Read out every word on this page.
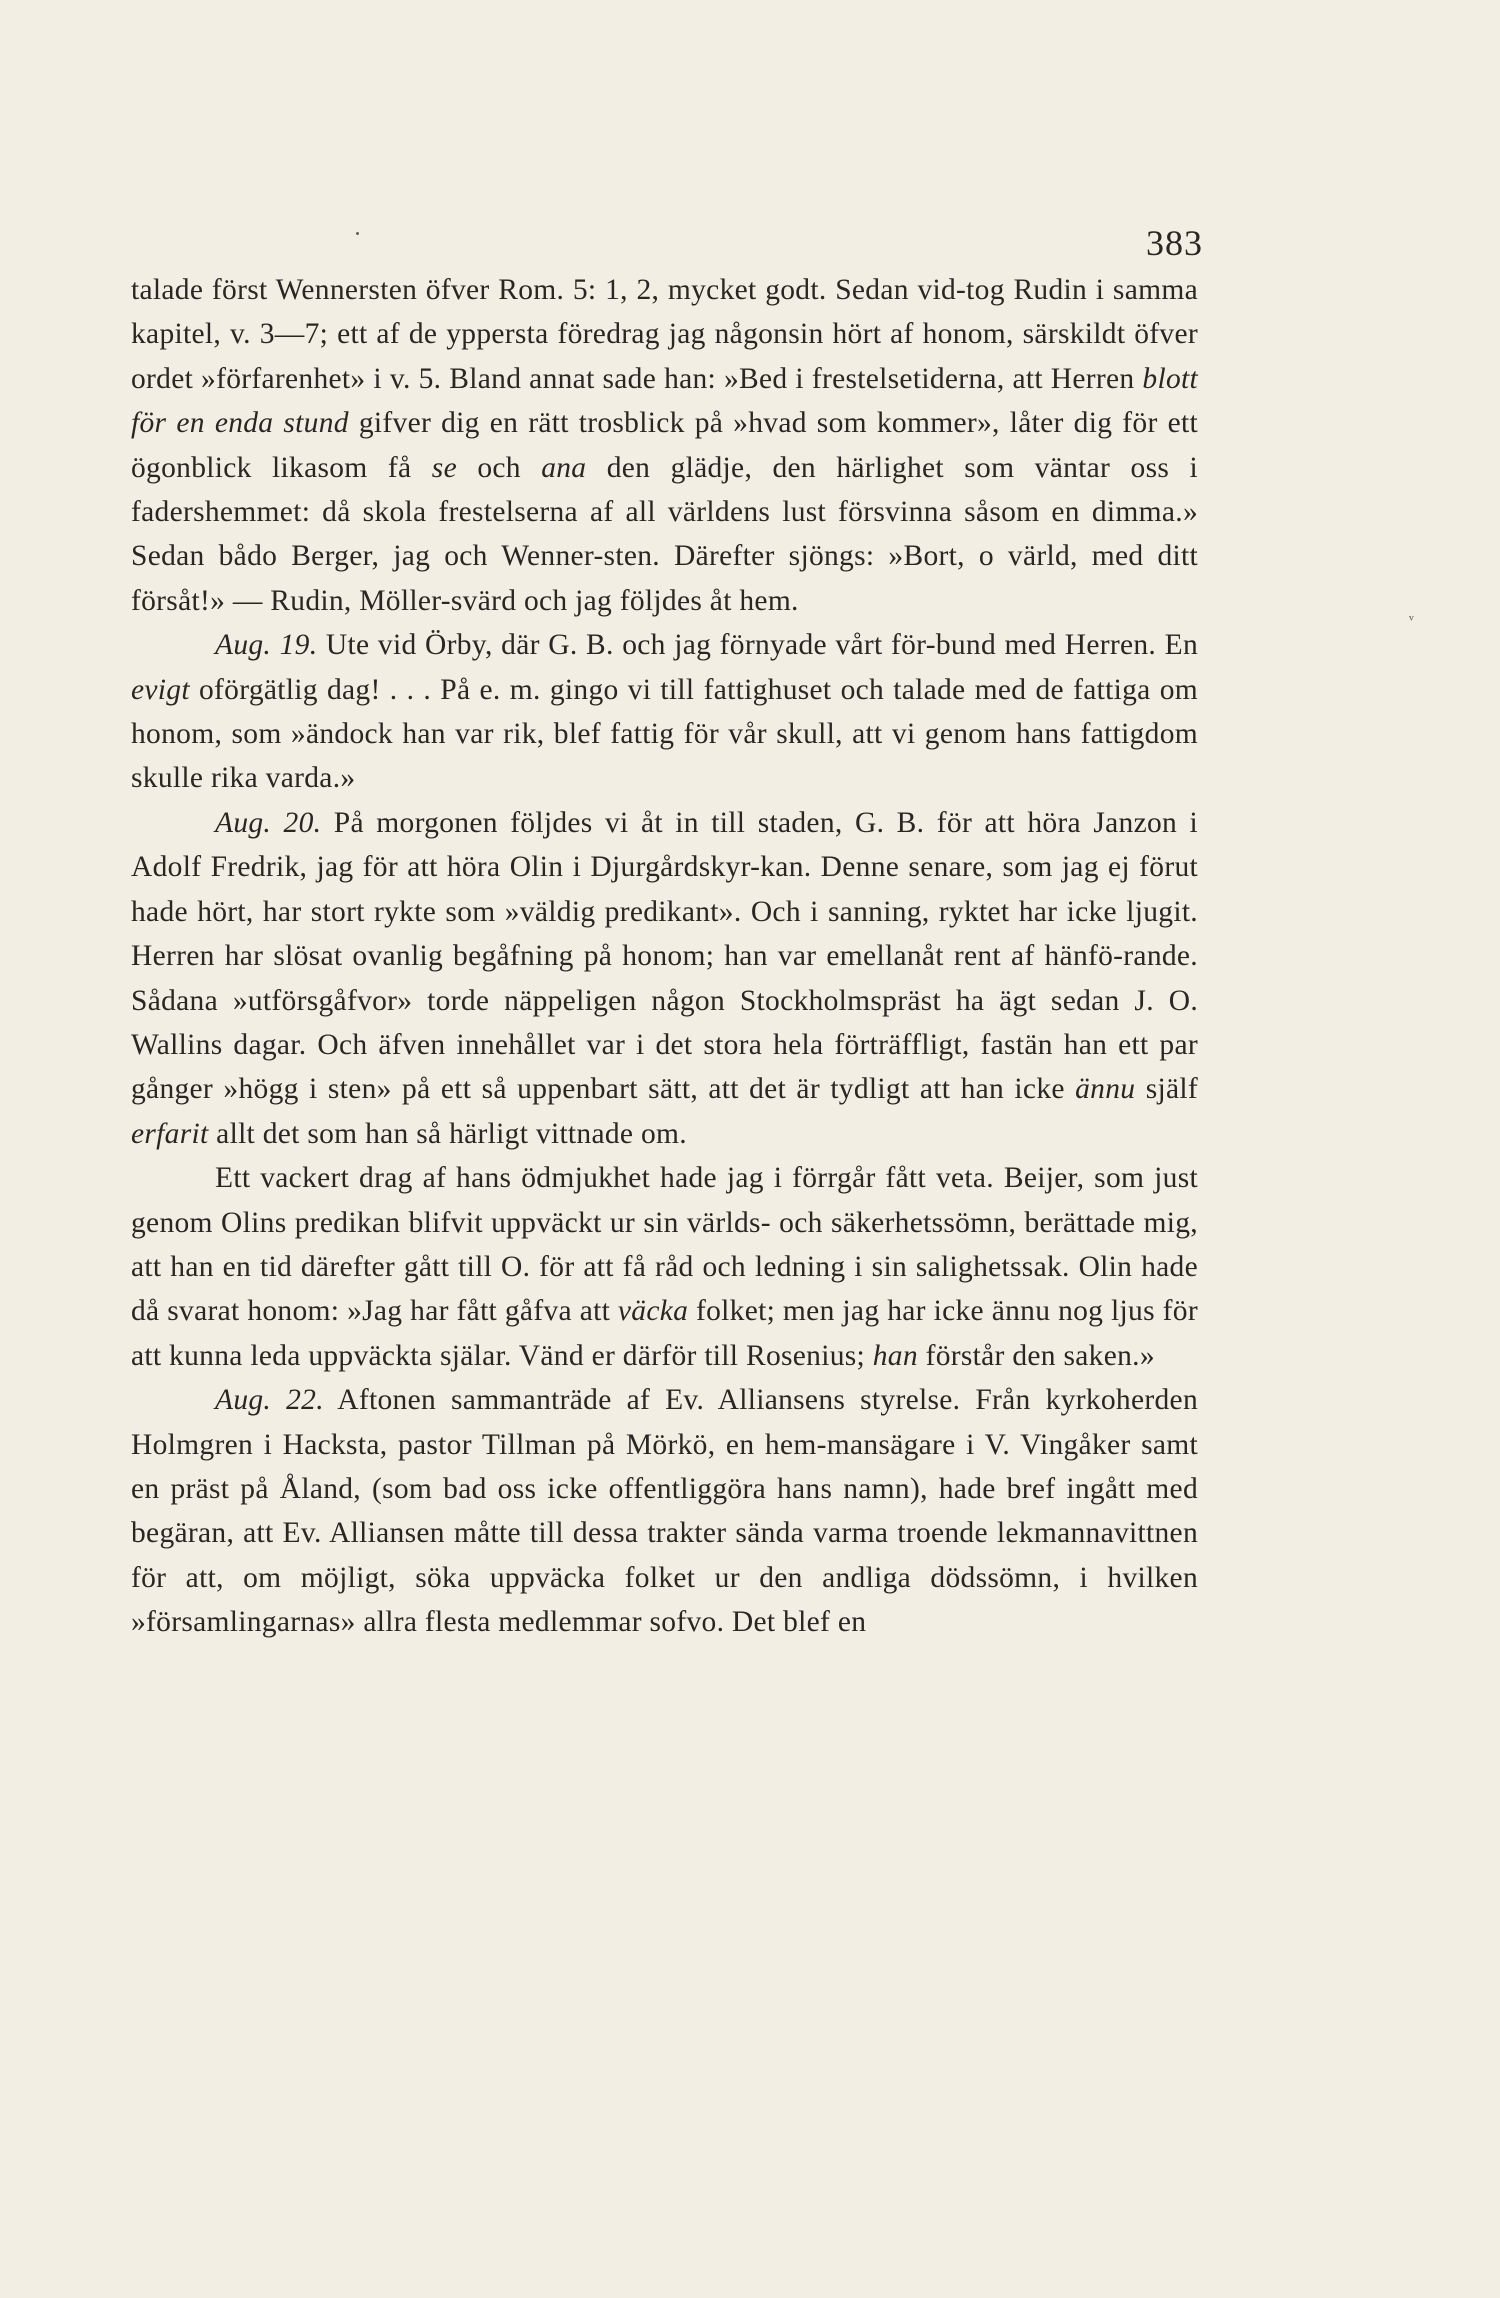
383
ᵛ

talade först Wennersten öfver Rom. 5: 1, 2, mycket godt. Sedan vid-tog Rudin i samma kapitel, v. 3—7; ett af de yppersta föredrag jag någonsin hört af honom, särskildt öfver ordet »förfarenhet» i v. 5. Bland annat sade han: »Bed i frestelsetiderna, att Herren blott för en enda stund gifver dig en rätt trosblick på »hvad som kommer», låter dig för ett ögonblick likasom få se och ana den glädje, den härlighet som väntar oss i fadershemmet: då skola frestelserna af all världens lust försvinna såsom en dimma.» Sedan bådo Berger, jag och Wenner-sten. Därefter sjöngs: »Bort, o värld, med ditt försåt!» — Rudin, Möller-svärd och jag följdes åt hem.

Aug. 19. Ute vid Örby, där G. B. och jag förnyade vårt för-bund med Herren. En evigt oförgätlig dag! . . . På e. m. gingo vi till fattighuset och talade med de fattiga om honom, som »ändock han var rik, blef fattig för vår skull, att vi genom hans fattigdom skulle rika varda.»

Aug. 20. På morgonen följdes vi åt in till staden, G. B. för att höra Janzon i Adolf Fredrik, jag för att höra Olin i Djurgårdskyr-kan. Denne senare, som jag ej förut hade hört, har stort rykte som »väldig predikant». Och i sanning, ryktet har icke ljugit. Herren har slösat ovanlig begåfning på honom; han var emellanåt rent af hänfö-rande. Sådana »utförsgåfvor» torde näppeligen någon Stockholmspräst ha ägt sedan J. O. Wallins dagar. Och äfven innehållet var i det stora hela förträffligt, fastän han ett par gånger »högg i sten» på ett så uppenbart sätt, att det är tydligt att han icke ännu själf erfarit allt det som han så härligt vittnade om.

Ett vackert drag af hans ödmjukhet hade jag i förrgår fått veta. Beijer, som just genom Olins predikan blifvit uppväckt ur sin världs- och säkerhetssömn, berättade mig, att han en tid därefter gått till O. för att få råd och ledning i sin salighetssak. Olin hade då svarat honom: »Jag har fått gåfva att väcka folket; men jag har icke ännu nog ljus för att kunna leda uppväckta själar. Vänd er därför till Rosenius; han förstår den saken.»

Aug. 22. Aftonen sammanträde af Ev. Alliansens styrelse. Från kyrkoherden Holmgren i Hacksta, pastor Tillman på Mörkö, en hem-mansägare i V. Vingåker samt en präst på Åland, (som bad oss icke offentliggöra hans namn), hade bref ingått med begäran, att Ev. Alliansen måtte till dessa trakter sända varma troende lekmannavittnen för att, om möjligt, söka uppväcka folket ur den andliga dödssömn, i hvilken »församlingarnas» allra flesta medlemmar sofvo. Det blef en
